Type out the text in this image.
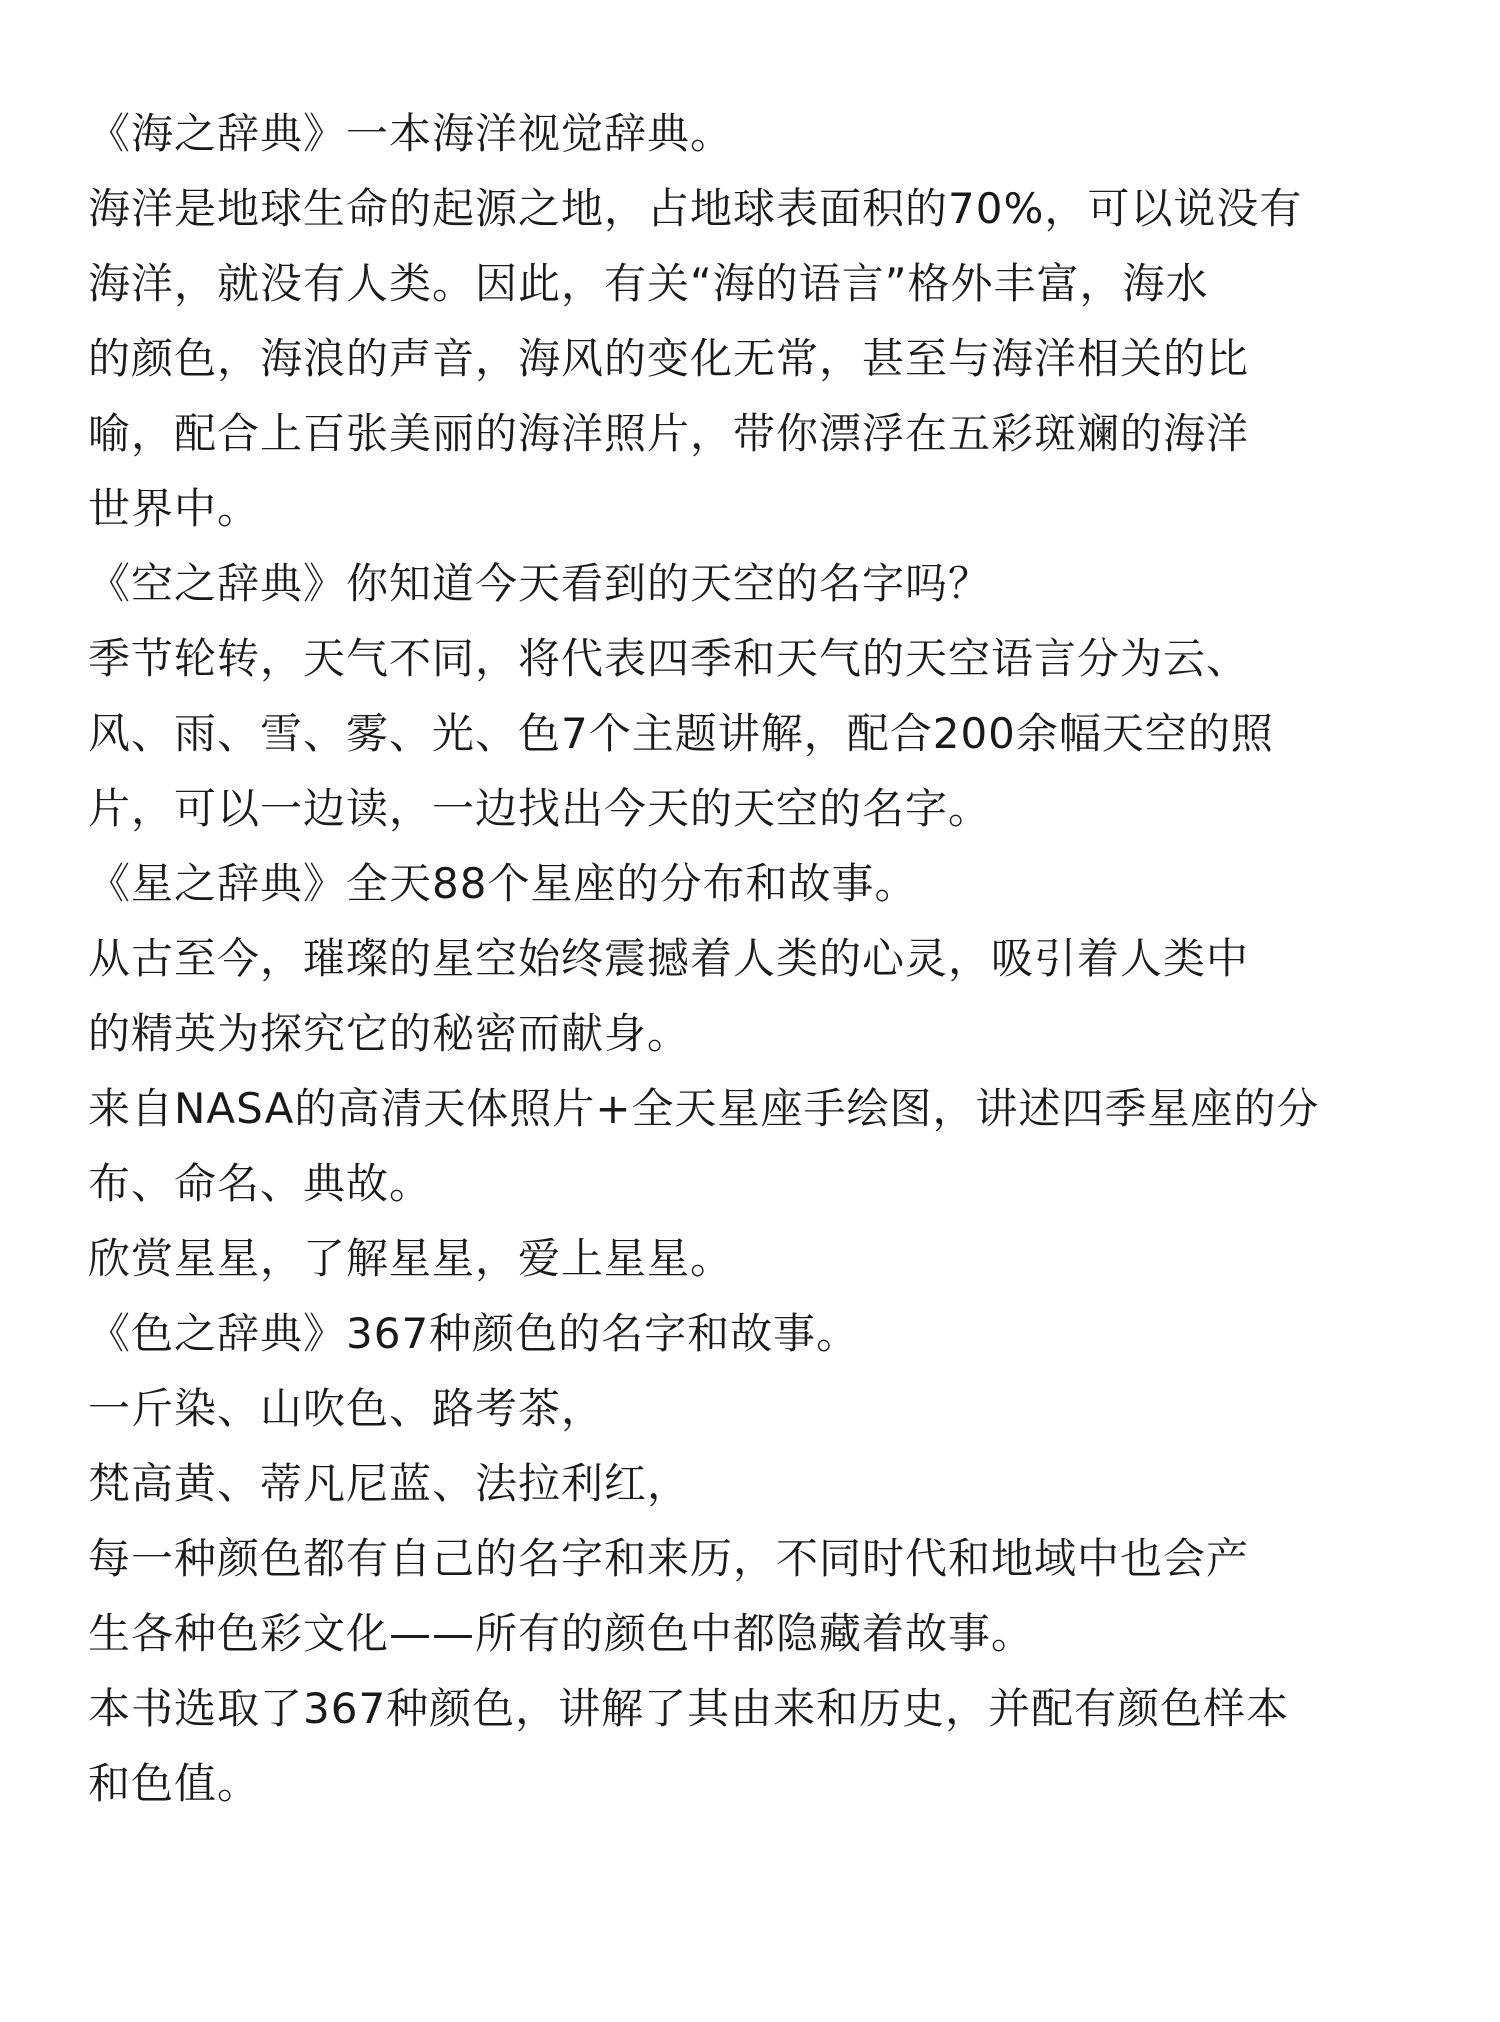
《海之辞典》一本海洋视觉辞典。

海洋是地球生命的起源之地，占地球表面积的70%，可以说没有
海洋，就没有人类。因此，有关“海的语言”格外丰富，海水
的颜色，海浪的声音，海风的变化无常，甚至与海洋相关的比
喻，配合上百张美丽的海洋照片，带你漂浮在五彩斑斓的海洋
世界中。

《空之辞典》你知道今天看到的天空的名字吗？

季节轮转，天气不同，将代表四季和天气的天空语言分为云、
风、雨、雪、雾、光、色7个主题讲解，配合200余幅天空的照
片，可以一边读，一边找出今天的天空的名字。

《星之辞典》全天88个星座的分布和故事。

从古至今，璀璨的星空始终震撼着人类的心灵，吸引着人类中
的精英为探究它的秘密而献身。

来自NASA的高清天体照片+全天星座手绘图，讲述四季星座的分
布、命名、典故。

欣赏星星，了解星星，爱上星星。

《色之辞典》367种颜色的名字和故事。

一斤染、山吹色、路考茶，

梵高黄、蒂凡尼蓝、法拉利红，

每一种颜色都有自己的名字和来历，不同时代和地域中也会产
生各种色彩文化——所有的颜色中都隐藏着故事。

本书选取了367种颜色，讲解了其由来和历史，并配有颜色样本
和色值。
